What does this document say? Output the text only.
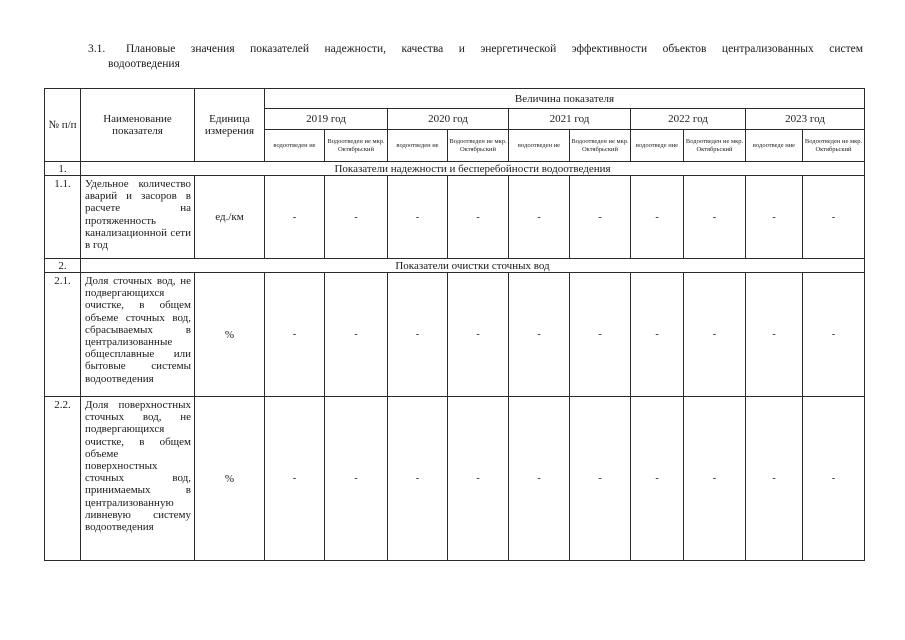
3.1. Плановые значения показателей надежности, качества и энергетической эффективности объектов централизованных систем
водоотведения
№ п/п	Наименование показателя	Единица измерения	Величина показателя									
			2019 год		2020 год		2021 год		2022 год		2023 год	
			водоотведен ие	Водоотведен ие мкр. Октябрьский	водоотведен ие	Водоотведен ие мкр. Октябрьский	водоотведен ие	Водоотведен ие мкр. Октябрьский	водоотведе ние	Водоотведен ие мкр. Октябрьский	водоотведе ние	Водоотведен ие мкр. Октябрьский
1.	Показатели надежности и бесперебойности водоотведения											
1.1.	Удельное количество аварий и засоров в расчете на протяженность канализационной сети в год	ед./км	-	-	-	-	-	-	-	-	-	-
2.	Показатели очистки сточных вод											
2.1.	Доля сточных вод, не подвергающихся очистке, в общем объеме сточных вод, сбрасываемых в централизованные общесплавные или бытовые системы водоотведения	%	-	-	-	-	-	-	-	-	-	-
2.2.	Доля поверхностных сточных вод, не подвергающихся очистке, в общем объеме поверхностных сточных вод, принимаемых в централизованную ливневую систему водоотведения	%	-	-	-	-	-	-	-	-	-	-
